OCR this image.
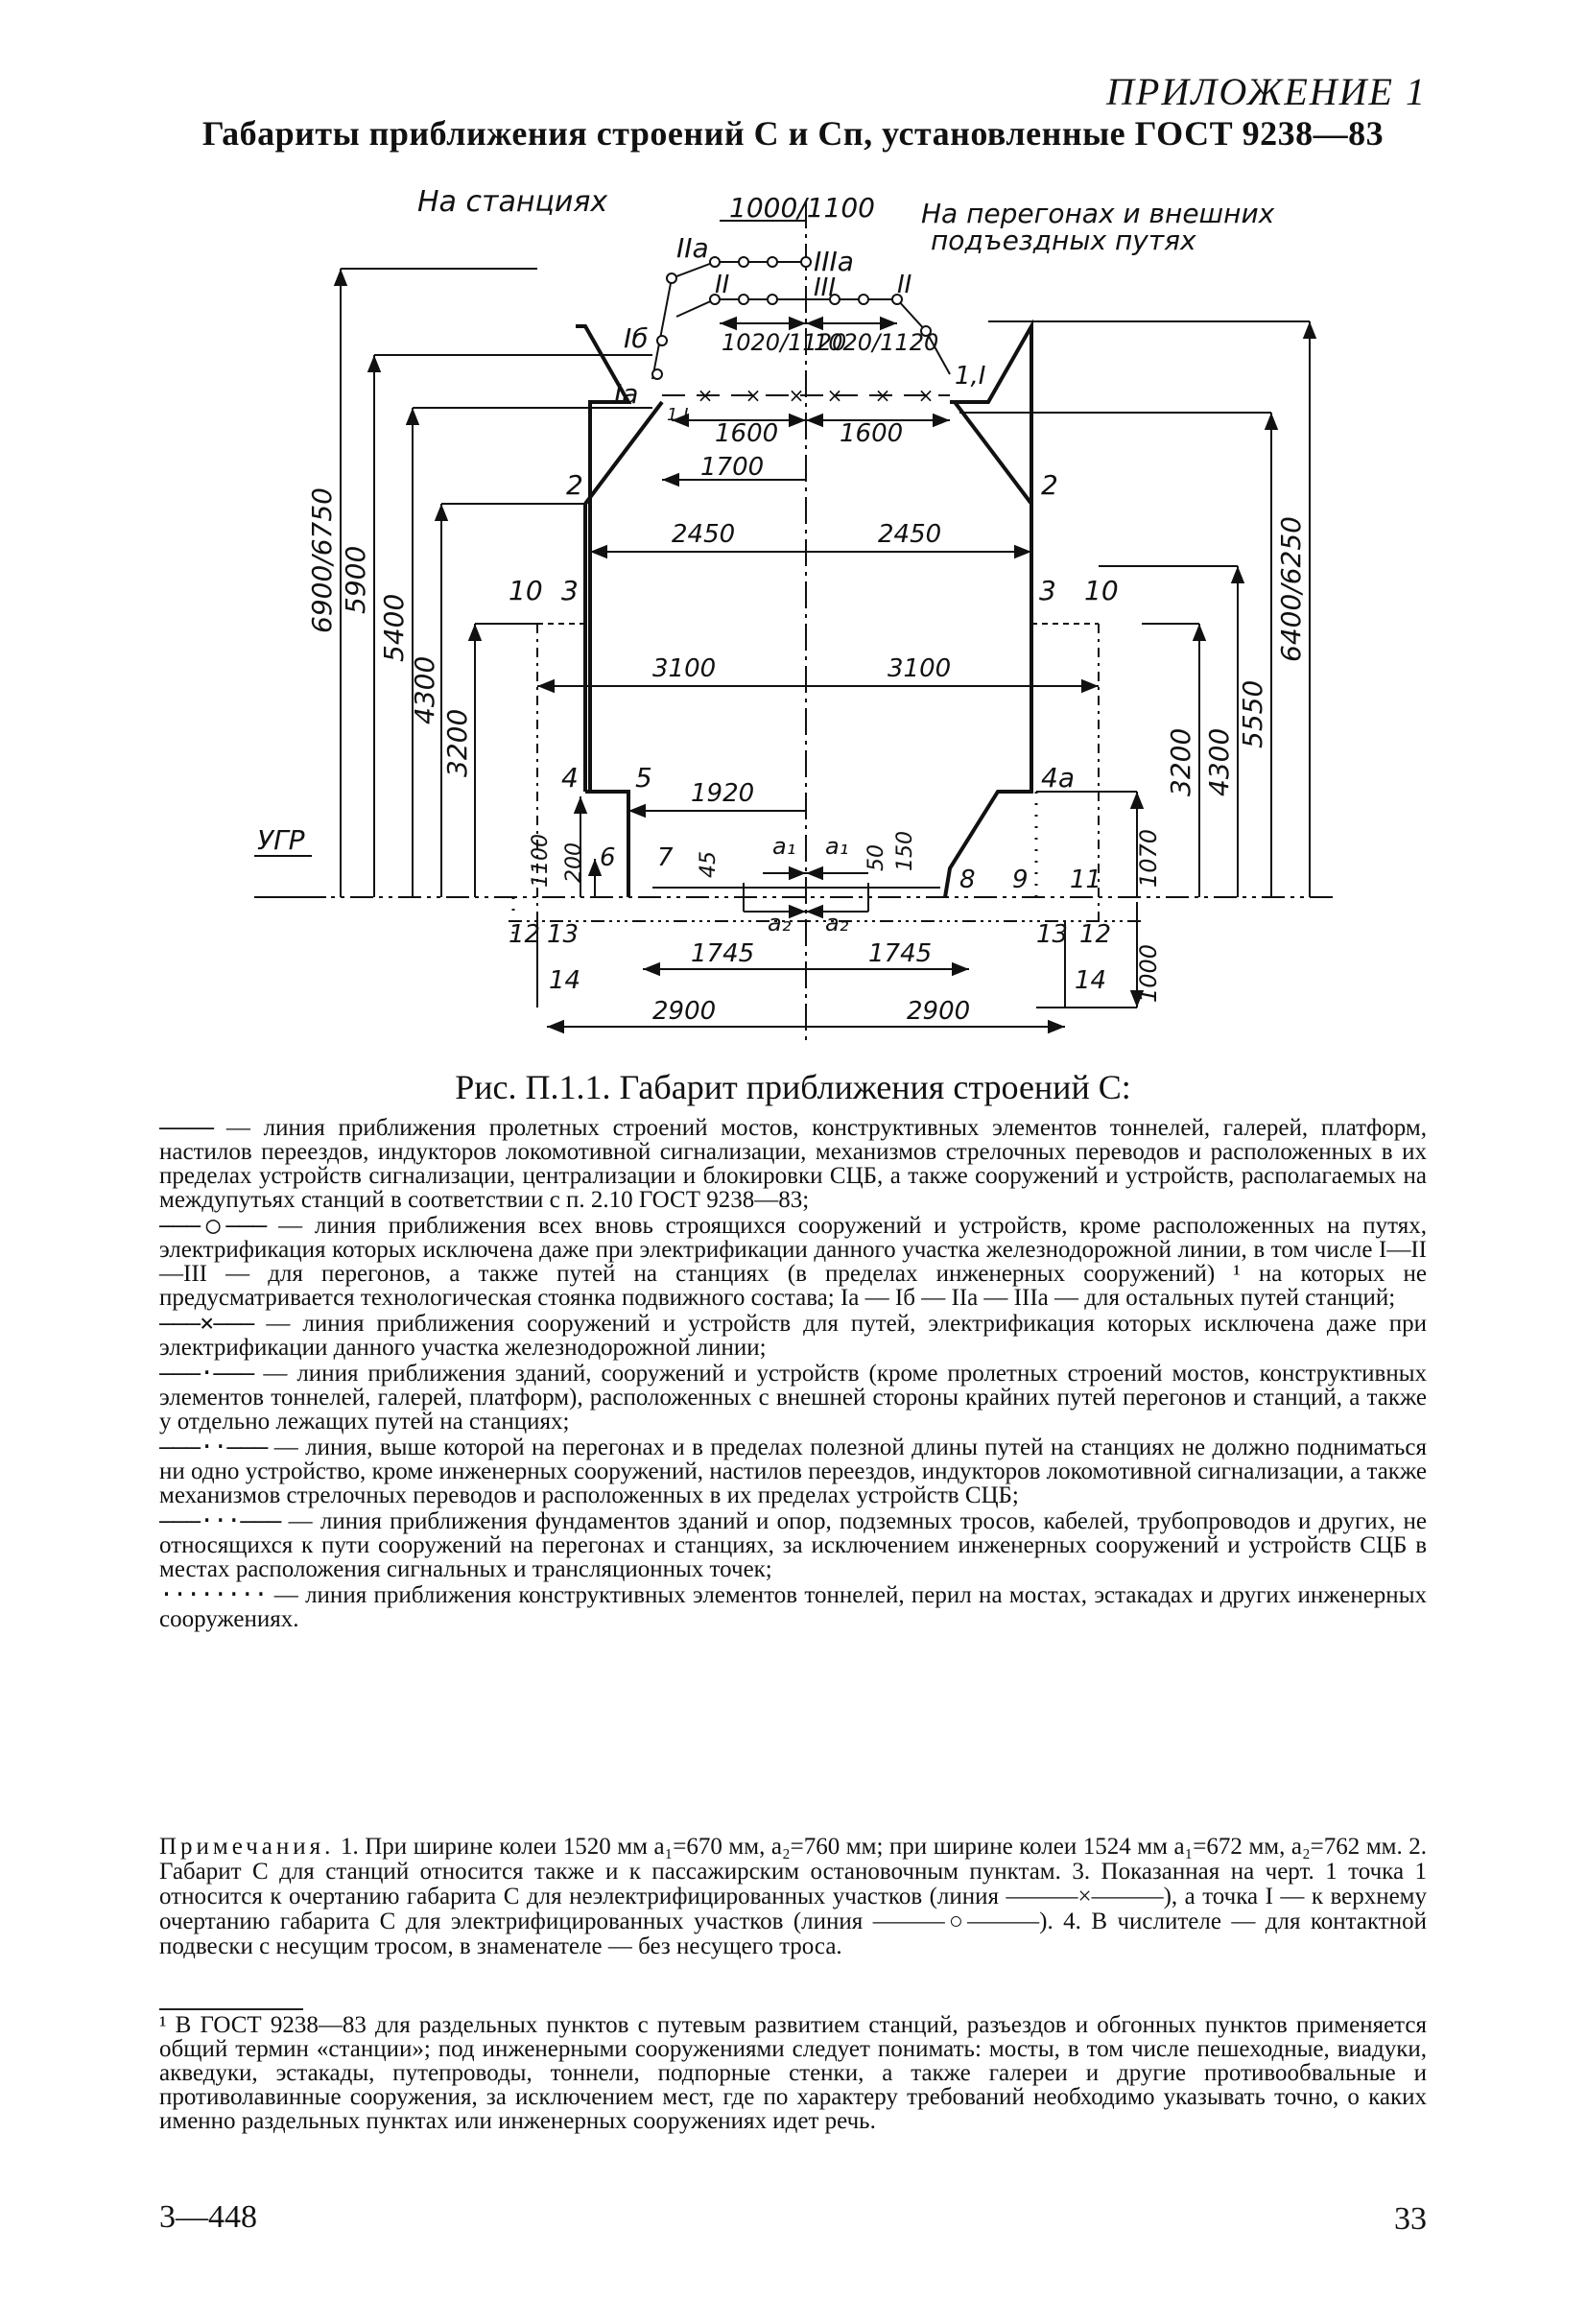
ПРИЛОЖЕНИЕ 1
Габариты приближения строений С и Сп, установленные ГОСТ 9238—83
× × × × × ×
На станциях	На перегонах и внешних
подъездных путях
1000/1100
1020/1120
1020/1120
1600 1600
1700
2450	2450
3100	3100
1920
1745	1745
2900	2900
a₁ a₁
a₂ a₂
УГР
6900/6750 5900
5400
4300
3200
1100 200	45	50 150	1070
1000
3200 4300
5550
6400/6250
IIa	IIIa
II	III II
Iб
Iа
1,I
1,I
2	2
10 3	3 10
4 5	4а
6 7
8 9 11
12 13	13 12
14	14
Рис. П.1.1. Габарит приближения строений С:

———— — линия приближения пролетных строений мостов, конструктивных элементов тоннелей, галерей, платформ, настилов переездов, индукторов локомотивной сигнализации, механизмов стрелочных переводов и расположенных в их пределах устройств сигнализации, централизации и блокировки СЦБ, а также сооружений и устройств, располагаемых на междупутьях станций в соответствии с п. 2.10 ГОСТ 9238—83;

———○——— — линия приближения всех вновь строящихся сооружений и устройств, кроме расположенных на путях, электрификация которых исключена даже при электрификации данного участка железнодорожной линии, в том числе I—II—III — для перегонов, а также путей на станциях (в пределах инженерных сооружений) ¹ на которых не предусматривается технологическая стоянка подвижного состава; Ia — Iб — IIa — IIIa — для остальных путей станций;

———×——— — линия приближения сооружений и устройств для путей, электрификация которых исключена даже при электрификации данного участка железнодорожной линии;

———·——— — линия приближения зданий, сооружений и устройств (кроме пролетных строений мостов, конструктивных элементов тоннелей, галерей, платформ), расположенных с внешней стороны крайних путей перегонов и станций, а также у отдельно лежащих путей на станциях;

———··——— — линия, выше которой на перегонах и в пределах полезной длины путей на станциях не должно подниматься ни одно устройство, кроме инженерных сооружений, настилов переездов, индукторов локомотивной сигнализации, а также механизмов стрелочных переводов и расположенных в их пределах устройств СЦБ;

———···——— — линия приближения фундаментов зданий и опор, подземных тросов, кабелей, трубопроводов и других, не относящихся к пути сооружений на перегонах и станциях, за исключением инженерных сооружений и устройств СЦБ в местах расположения сигнальных и трансляционных точек;

········ — линия приближения конструктивных элементов тоннелей, перил на мостах, эстакадах и других инженерных сооружениях.

Примечания. 1. При ширине колеи 1520 мм a₁=670 мм, a₂=760 мм; при ширине колеи 1524 мм a₁=672 мм, a₂=762 мм. 2. Габарит С для станций относится также и к пассажирским остановочным пунктам. 3. Показанная на черт. 1 точка 1 относится к очертанию габарита С для неэлектрифицированных участков (линия ———×———), а точка I — к верхнему очертанию габарита С для электрифицированных участков (линия ———○———). 4. В числителе — для контактной подвески с несущим тросом, в знаменателе — без несущего троса.
¹ В ГОСТ 9238—83 для раздельных пунктов с путевым развитием станций, разъездов и обгонных пунктов применяется общий термин «станции»; под инженерными сооружениями следует понимать: мосты, в том числе пешеходные, виадуки, акведуки, эстакады, путепроводы, тоннели, подпорные стенки, а также галереи и другие противообвальные и противолавинные сооружения, за исключением мест, где по характеру требований необходимо указывать точно, о каких именно раздельных пунктах или инженерных сооружениях идет речь.
3—448	33
